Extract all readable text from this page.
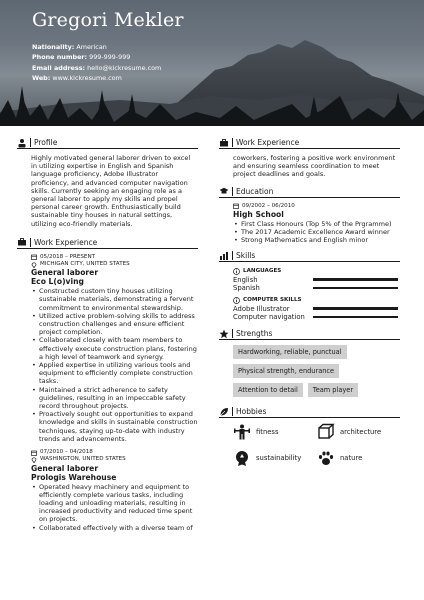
Gregori Mekler
Nationality: American
Phone number: 999-999-999
Email address: hello@kickresume.com
Web: www.kickresume.com
Profile
Highly motivated general laborer driven to excel in utilizing expertise in English and Spanish language proficiency, Adobe Illustrator proficiency, and advanced computer navigation skills. Currently seeking an engaging role as a general laborer to apply my skills and propel personal career growth. Enthusiastically build sustainable tiny houses in natural settings, utilizing eco-friendly materials.
Work Experience
05/2018 – PRESENT
MICHIGAN CITY, UNITED STATES
General laborer
Eco L(o)ving
• Constructed custom tiny houses utilizing sustainable materials, demonstrating a fervent commitment to environmental stewardship.
• Utilized active problem-solving skills to address construction challenges and ensure efficient project completion.
• Collaborated closely with team members to effectively execute construction plans, fostering a high level of teamwork and synergy.
• Applied expertise in utilizing various tools and equipment to efficiently complete construction tasks.
• Maintained a strict adherence to safety guidelines, resulting in an impeccable safety record throughout projects.
• Proactively sought out opportunities to expand knowledge and skills in sustainable construction techniques, staying up-to-date with industry trends and advancements.
07/2010 – 04/2018
WASHINGTON, UNITED STATES
General laborer
Prologis Warehouse
• Operated heavy machinery and equipment to efficiently complete various tasks, including loading and unloading materials, resulting in increased productivity and reduced time spent on projects.
• Collaborated effectively with a diverse team of
Work Experience
coworkers, fostering a positive work environment and ensuring seamless coordination to meet project deadlines and goals.
Education
09/2002 – 06/2010
High School
• First Class Honours (Top 5% of the Prgramme)
• The 2017 Academic Excellence Award winner
• Strong Mathematics and English minor
Skills
LANGUAGES
English
Spanish
COMPUTER SKILLS
Adobe Illustrator
Computer navigation
Strengths
Hardworking, reliable, punctual
Physical strength, endurance
Attention to detail	Team player
Hobbies
fitness	architecture
sustainability	nature
